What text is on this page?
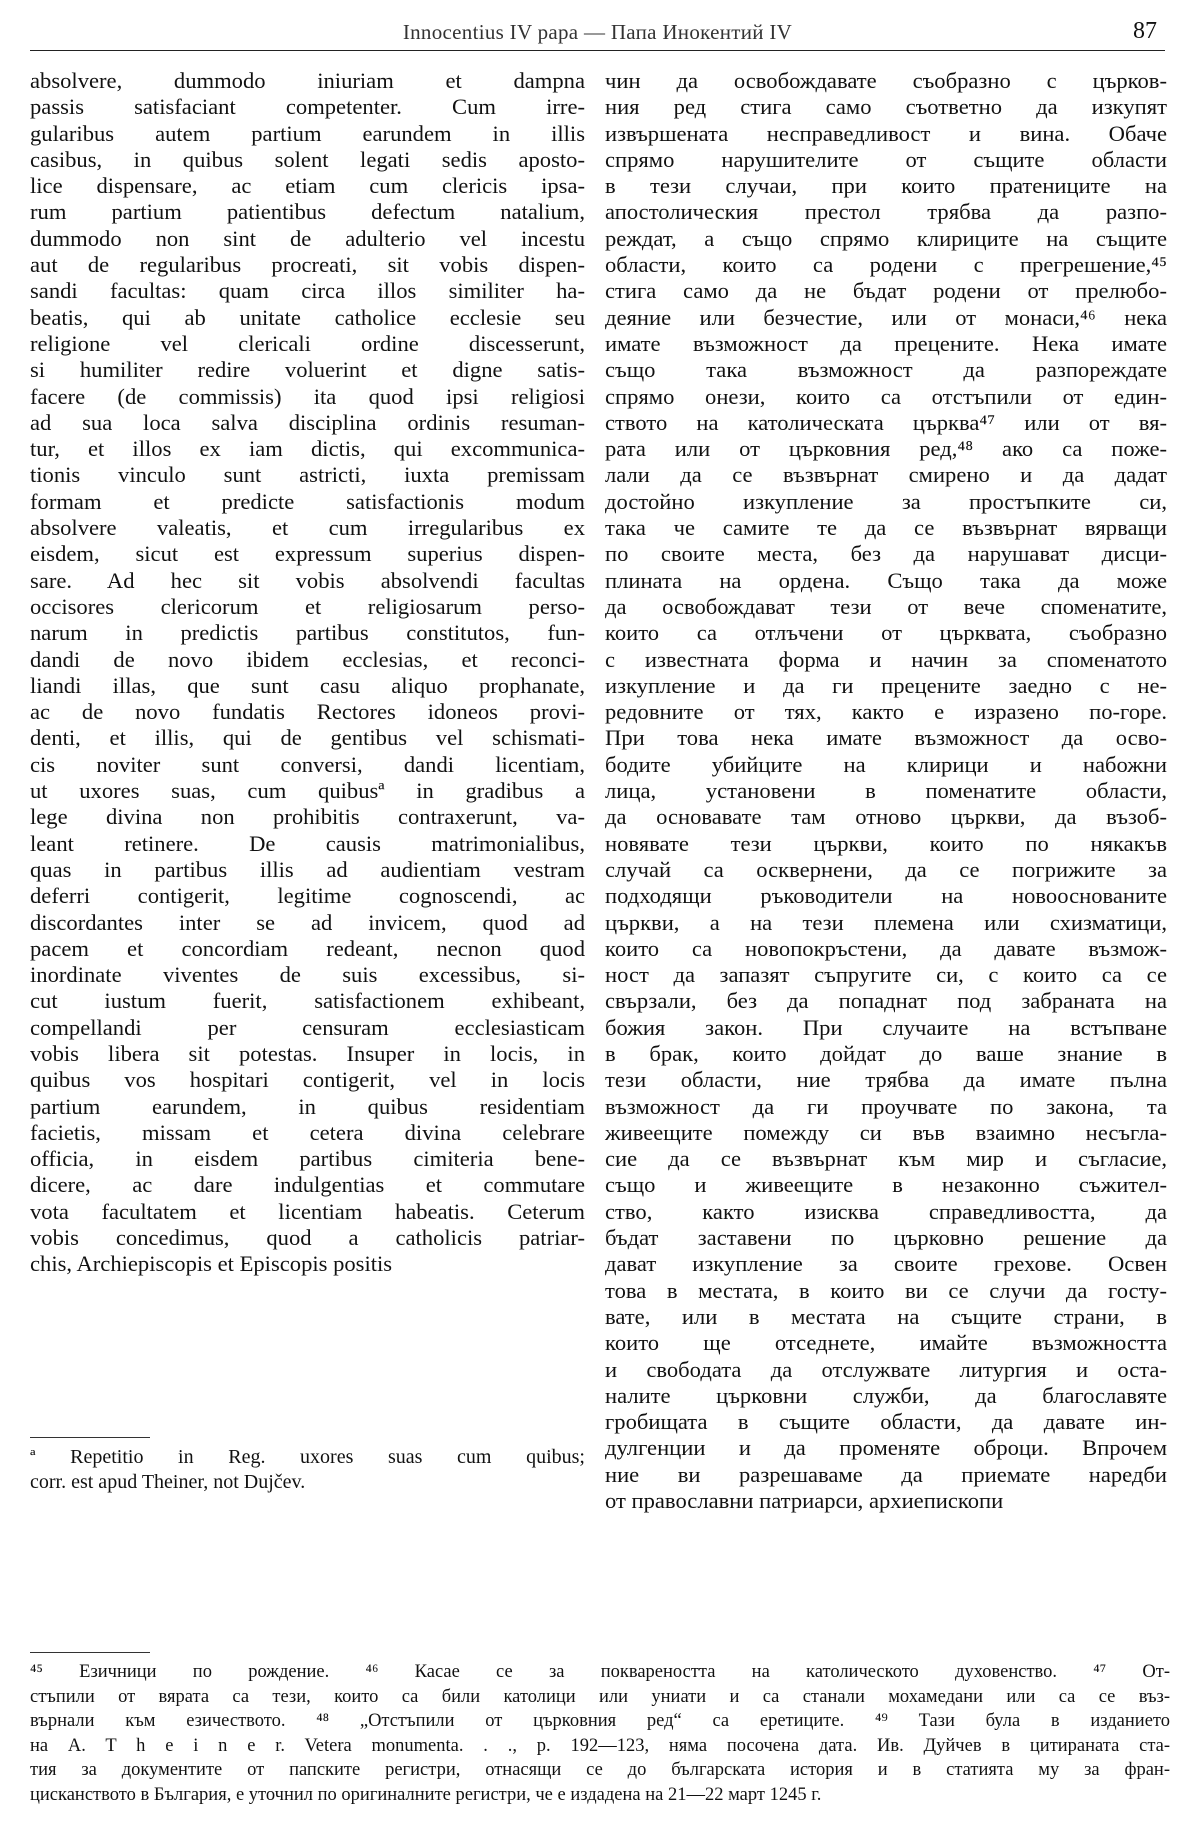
Innocentius IV papa — Папа Инокентий IV	87
absolvere, dummodo iniuriam et dampna
passis satisfaciant competenter. Cum irre-
gularibus autem partium earundem in illis
casibus, in quibus solent legati sedis aposto-
lice dispensare, ac etiam cum clericis ipsa-
rum partium patientibus defectum natalium,
dummodo non sint de adulterio vel incestu
aut de regularibus procreati, sit vobis dispen-
sandi facultas: quam circa illos similiter ha-
beatis, qui ab unitate catholice ecclesie seu
religione vel clericali ordine discesserunt,
si humiliter redire voluerint et digne satis-
facere (de commissis) ita quod ipsi religiosi
ad sua loca salva disciplina ordinis resuman-
tur, et illos ex iam dictis, qui excommunica-
tionis vinculo sunt astricti, iuxta premissam
formam et predicte satisfactionis modum
absolvere valeatis, et cum irregularibus ex
eisdem, sicut est expressum superius dispen-
sare. Ad hec sit vobis absolvendi facultas
occisores clericorum et religiosarum perso-
narum in predictis partibus constitutos, fun-
dandi de novo ibidem ecclesias, et reconci-
liandi illas, que sunt casu aliquo prophanate,
ac de novo fundatis Rectores idoneos provi-
denti, et illis, qui de gentibus vel schismati-
cis noviter sunt conversi, dandi licentiam,
ut uxores suas, cum quibusª in gradibus a
lege divina non prohibitis contraxerunt, va-
leant retinere. De causis matrimonialibus,
quas in partibus illis ad audientiam vestram
deferri contigerit, legitime cognoscendi, ac
discordantes inter se ad invicem, quod ad
pacem et concordiam redeant, necnon quod
inordinate viventes de suis excessibus, si-
cut iustum fuerit, satisfactionem exhibeant,
compellandi per censuram ecclesiasticam
vobis libera sit potestas. Insuper in locis, in
quibus vos hospitari contigerit, vel in locis
partium earundem, in quibus residentiam
facietis, missam et cetera divina celebrare
officia, in eisdem partibus cimiteria bene-
dicere, ac dare indulgentias et commutare
vota facultatem et licentiam habeatis. Ceterum
vobis concedimus, quod a catholicis patriar-
chis, Archiepiscopis et Episcopis positis
чин да освобождавате съобразно с църков-
ния ред стига само съответно да изкупят
извършената несправедливост и вина. Обаче
спрямо нарушителите от същите области
в тези случаи, при които пратениците на
апостолическия престол трябва да разпо-
реждат, а също спрямо клириците на същите
области, които са родени с прегрешение,⁴⁵
стига само да не бъдат родени от прелюбо-
деяние или безчестие, или от монаси,⁴⁶ нека
имате възможност да прецените. Нека имате
също така възможност да разпореждате
спрямо онези, които са отстъпили от един-
ството на католическата църква⁴⁷ или от вя-
рата или от църковния ред,⁴⁸ ако са поже-
лали да се възвърнат смирено и да дадат
достойно изкупление за простъпките си,
така че самите те да се възвърнат вярващи
по своите места, без да нарушават дисци-
плината на ордена. Също така да може
да освобождават тези от вече споменатите,
които са отлъчени от църквата, съобразно
с известната форма и начин за споменатото
изкупление и да ги прецените заедно с не-
редовните от тях, както е изразено по-горе.
При това нека имате възможност да осво-
бодите убийците на клирици и набожни
лица, установени в поменатите области,
да основавате там отново църкви, да възоб-
новявате тези църкви, които по някакъв
случай са осквернени, да се погрижите за
подходящи ръководители на новооснованите
църкви, а на тези племена или схизматици,
които са новопокръстени, да давате възмож-
ност да запазят съпругите си, с които са се
свързали, без да попаднат под забраната на
божия закон. При случаите на встъпване
в брак, които дойдат до ваше знание в
тези области, ние трябва да имате пълна
възможност да ги проучвате по закона, та
живеещите помежду си във взаимно несъгла-
сие да се възвърнат към мир и съгласие,
също и живеещите в незаконно съжител-
ство, както изисква справедливостта, да
бъдат заставени по църковно решение да
дават изкупление за своите грехове. Освен
това в местата, в които ви се случи да госту-
вате, или в местата на същите страни, в
които ще отседнете, имайте възможността
и свободата да отслужвате литургия и оста-
налите църковни служби, да благославяте
гробищата в същите области, да давате ин-
дулгенции и да променяте оброци. Впрочем
ние ви разрешаваме да приемате наредби
от православни патриарси, архиепископи
ª Repetitio in Reg. uxores suas cum quibus;
corr. est apud Theiner, not Dujčev.
⁴⁵ Езичници по рождение. ⁴⁶ Касае се за поквареността на католическото духовенство. ⁴⁷ От-
стъпили от вярата са тези, които са били католици или униати и са станали мохамедани или са се въз-
върнали към езичеството. ⁴⁸ „Отстъпили от църковния ред“ са еретиците. ⁴⁹ Тази була в изданието
на A. T h e i n e r. Vetera monumenta. . ., p. 192—123, няма посочена дата. Ив. Дуйчев в цитираната ста-
тия за документите от папските регистри, отнасящи се до българската история и в статията му за фран-
цисканството в България, е уточнил по оригиналните регистри, че е издадена на 21—22 март 1245 г.
